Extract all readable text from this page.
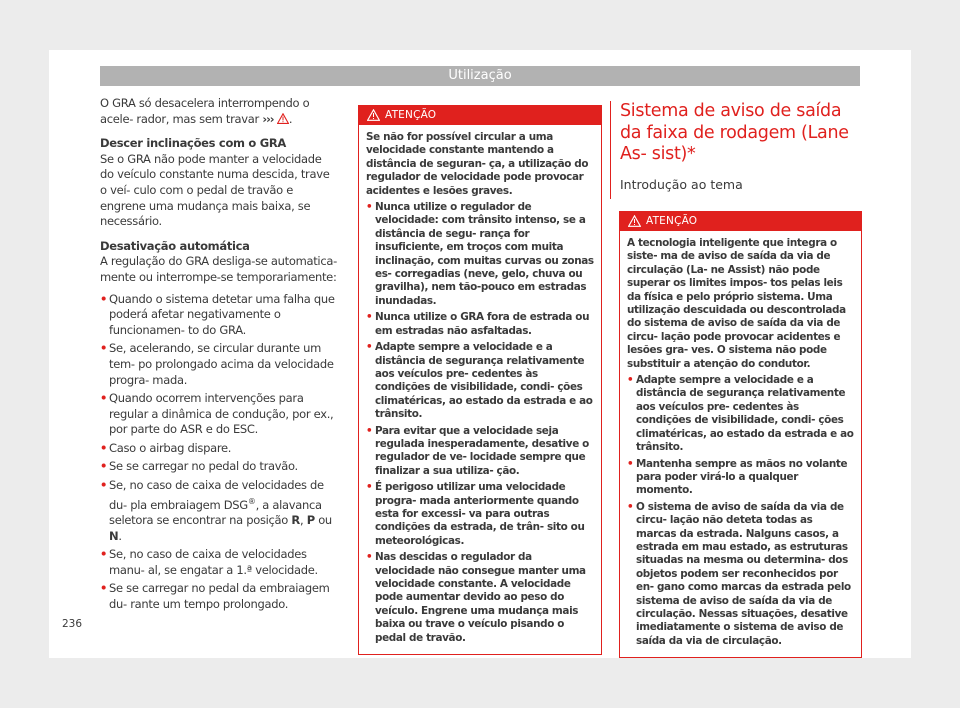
Utilização

O GRA só desacelera interrompendo o acele- rador, mas sem travar ››› .

Descer inclinações com o GRA

Se o GRA não pode manter a velocidade do veículo constante numa descida, trave o veí- culo com o pedal de travão e engrene uma mudança mais baixa, se necessário.

Desativação automática

A regulação do GRA desliga-se automatica- mente ou interrompe-se temporariamente:

• Quando o sistema detetar uma falha que poderá afetar negativamente o funcionamen- to do GRA.
• Se, acelerando, se circular durante um tem- po prolongado acima da velocidade progra- mada.
• Quando ocorrem intervenções para regular a dinâmica de condução, por ex., por parte do ASR e do ESC.
• Caso o airbag dispare.
• Se se carregar no pedal do travão.
• Se, no caso de caixa de velocidades de du- pla embraiagem DSG®, a alavanca seletora se encontrar na posição R, P ou N.
• Se, no caso de caixa de velocidades manu- al, se engatar a 1.ª velocidade.
• Se se carregar no pedal da embraiagem du- rante um tempo prolongado.
ATENÇÃO

Se não for possível circular a uma velocidade constante mantendo a distância de seguran- ça, a utilização do regulador de velocidade pode provocar acidentes e lesões graves.

• Nunca utilize o regulador de velocidade: com trânsito intenso, se a distância de segu- rança for insuficiente, em troços com muita inclinação, com muitas curvas ou zonas es- corregadias (neve, gelo, chuva ou gravilha), nem tão-pouco em estradas inundadas.
• Nunca utilize o GRA fora de estrada ou em estradas não asfaltadas.
• Adapte sempre a velocidade e a distância de segurança relativamente aos veículos pre- cedentes às condições de visibilidade, condi- ções climatéricas, ao estado da estrada e ao trânsito.
• Para evitar que a velocidade seja regulada inesperadamente, desative o regulador de ve- locidade sempre que finalizar a sua utiliza- ção.
• É perigoso utilizar uma velocidade progra- mada anteriormente quando esta for excessi- va para outras condições da estrada, de trân- sito ou meteorológicas.
• Nas descidas o regulador da velocidade não consegue manter uma velocidade constante. A velocidade pode aumentar devido ao peso do veículo. Engrene uma mudança mais baixa ou trave o veículo pisando o pedal de travão.
Sistema de aviso de saída da faixa de rodagem (Lane As- sist)*
Introdução ao tema
ATENÇÃO

A tecnologia inteligente que integra o siste- ma de aviso de saída da via de circulação (La- ne Assist) não pode superar os limites impos- tos pelas leis da física e pelo próprio sistema. Uma utilização descuidada ou descontrolada do sistema de aviso de saída da via de circu- lação pode provocar acidentes e lesões gra- ves. O sistema não pode substituir a atenção do condutor.

• Adapte sempre a velocidade e a distância de segurança relativamente aos veículos pre- cedentes às condições de visibilidade, condi- ções climatéricas, ao estado da estrada e ao trânsito.
• Mantenha sempre as mãos no volante para poder virá-lo a qualquer momento.
• O sistema de aviso de saída da via de circu- lação não deteta todas as marcas da estrada. Nalguns casos, a estrada em mau estado, as estruturas situadas na mesma ou determina- dos objetos podem ser reconhecidos por en- gano como marcas da estrada pelo sistema de aviso de saída da via de circulação. Nessas situações, desative imediatamente o sistema de aviso de saída da via de circulação.
236
